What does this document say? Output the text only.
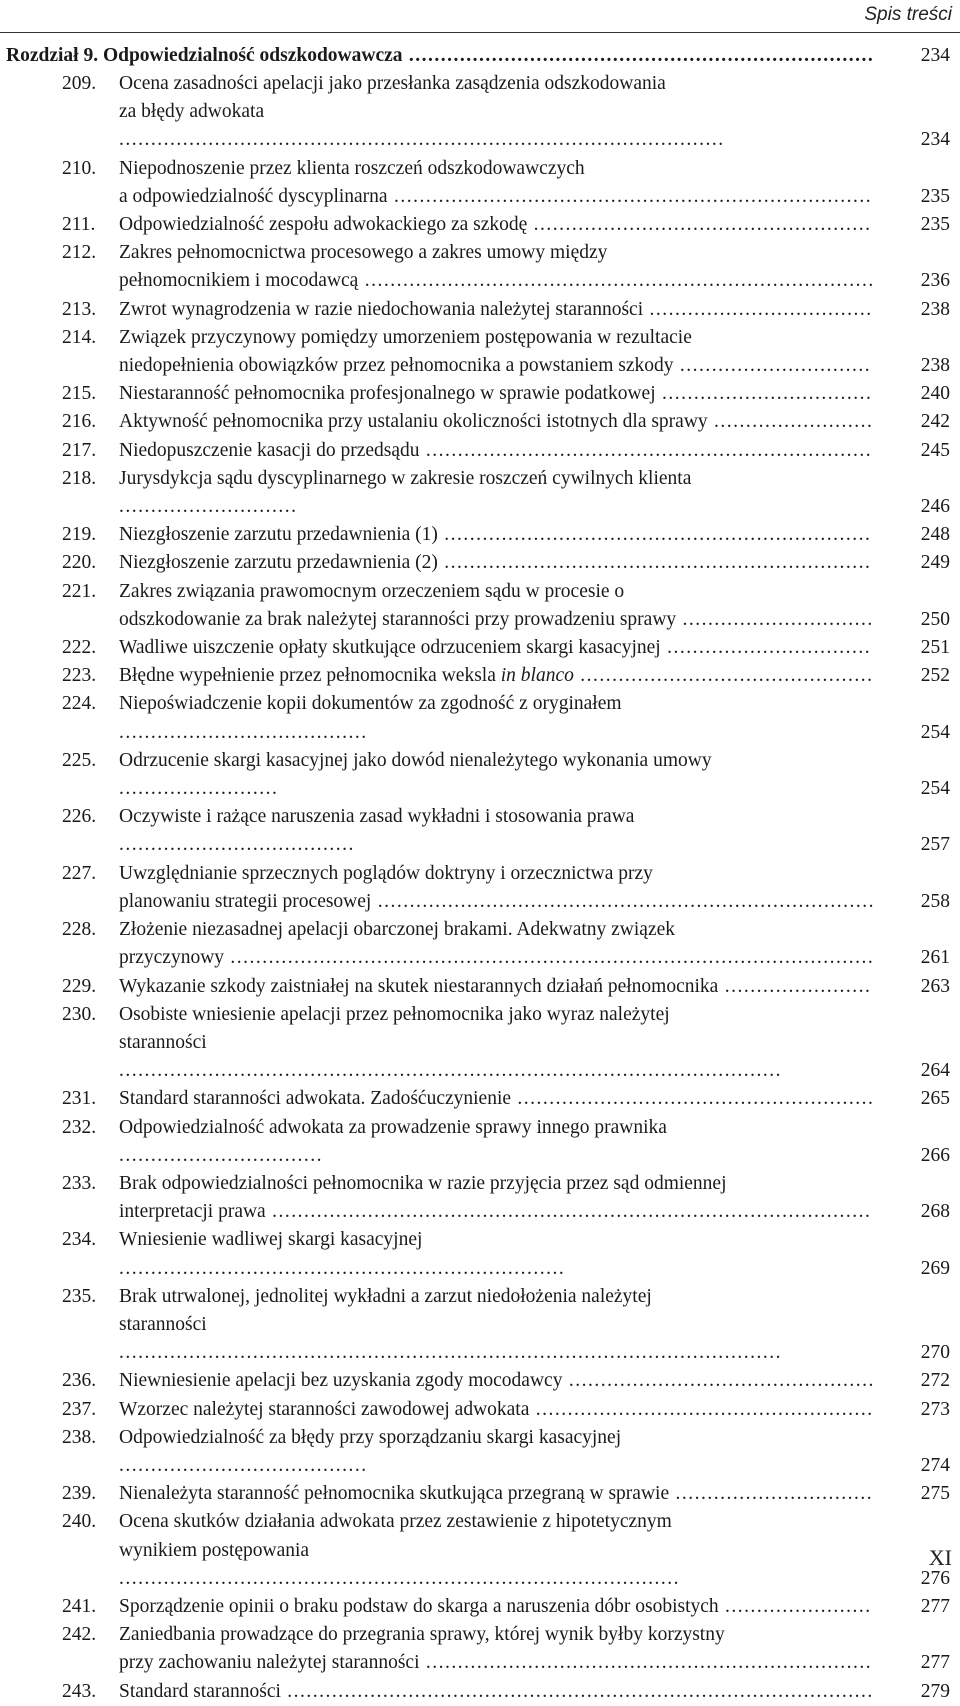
Spis treści
Rozdział 9. Odpowiedzialność odszkodowawcza ......................................................................... 234
209. Ocena zasadności apelacji jako przesłanka zasądzenia odszkodowania
za błędy adwokata ...............................................................................................	234
210. Niepodnoszenie przez klienta roszczeń odszkodowawczych
a odpowiedzialność dyscyplinarna ........................................................................... 235
211. Odpowiedzialność zespołu adwokackiego za szkodę .....................................................	235
212. Zakres pełnomocnictwa procesowego a zakres umowy między
pełnomocnikiem i mocodawcą ................................................................................ 236
213. Zwrot wynagrodzenia w razie niedochowania należytej staranności ................................... 238
214. Związek przyczynowy pomiędzy umorzeniem postępowania w rezultacie
niedopełnienia obowiązków przez pełnomocnika a powstaniem szkody ..............................	238
215. Niestaranność pełnomocnika profesjonalnego w sprawie podatkowej ................................. 240
216. Aktywność pełnomocnika przy ustalaniu okoliczności istotnych dla sprawy ......................... 242
217. Niedopuszczenie kasacji do przedsądu ...................................................................... 245
218. Jurysdykcja sądu dyscyplinarnego w zakresie roszczeń cywilnych klienta ............................	246
219. Niezgłoszenie zarzutu przedawnienia (1) ...................................................................	248
220. Niezgłoszenie zarzutu przedawnienia (2) ...................................................................	249
221. Zakres związania prawomocnym orzeczeniem sądu w procesie o
odszkodowanie za brak należytej staranności przy prowadzeniu sprawy .............................. 250
222. Wadliwe uiszczenie opłaty skutkujące odrzuceniem skargi kasacyjnej ................................	251
223. Błędne wypełnienie przez pełnomocnika weksla in blanco .............................................. 252
224. Niepoświadczenie kopii dokumentów za zgodność z oryginałem .......................................	254
225. Odrzucenie skargi kasacyjnej jako dowód nienależytego wykonania umowy .........................	254
226. Oczywiste i rażące naruszenia zasad wykładni i stosowania prawa .....................................	257
227. Uwzględnianie sprzecznych poglądów doktryny i orzecznictwa przy
planowaniu strategii procesowej .............................................................................. 258
228. Złożenie niezasadnej apelacji obarczonej brakami. Adekwatny związek
przyczynowy ..................................................................................................... 261
229. Wykazanie szkody zaistniałej na skutek niestarannych działań pełnomocnika .......................	263
230. Osobiste wniesienie apelacji przez pełnomocnika jako wyraz należytej
staranności ........................................................................................................	264
231. Standard staranności adwokata. Zadośćuczynienie ........................................................ 265
232. Odpowiedzialność adwokata za prowadzenie sprawy innego prawnika ................................	266
233. Brak odpowiedzialności pełnomocnika w razie przyjęcia przez sąd odmiennej
interpretacji prawa ..............................................................................................	268
234. Wniesienie wadliwej skargi kasacyjnej ......................................................................	269
235. Brak utrwalonej, jednolitej wykładni a zarzut niedołożenia należytej
staranności ........................................................................................................	270
236. Niewniesienie apelacji bez uzyskania zgody mocodawcy ................................................ 272
237. Wzorzec należytej staranności zawodowej adwokata ..................................................... 273
238. Odpowiedzialność za błędy przy sporządzaniu skargi kasacyjnej .......................................	274
239. Nienależyta staranność pełnomocnika skutkująca przegraną w sprawie ............................... 275
240. Ocena skutków działania adwokata przez zestawienie z hipotetycznym
wynikiem postępowania ........................................................................................	276
241. Sporządzenie opinii o braku podstaw do skarga a naruszenia dóbr osobistych .......................	277
242. Zaniedbania prowadzące do przegrania sprawy, której wynik byłby korzystny
przy zachowaniu należytej staranności ...................................................................... 277
243. Standard staranności ............................................................................................ 279
XI
